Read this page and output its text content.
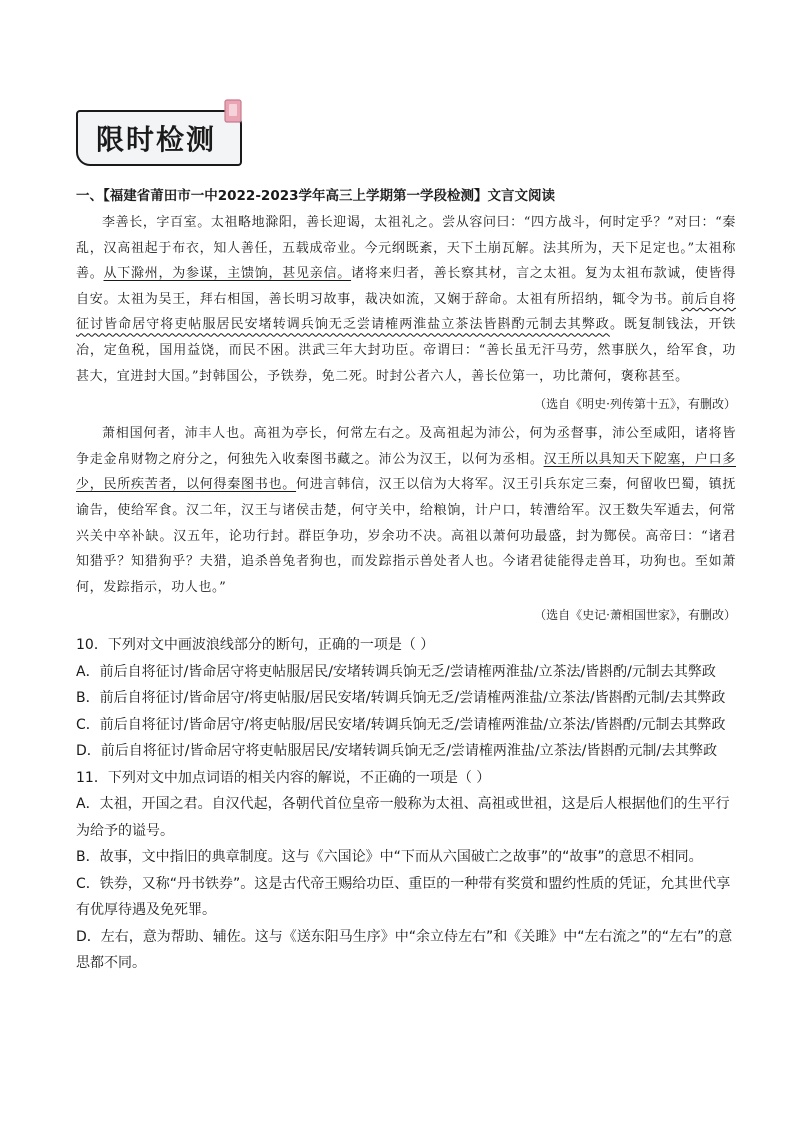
限时检测

一、【福建省莆田市一中2022-2023学年高三上学期第一学段检测】文言文阅读

李善长，字百室。太祖略地滁阳，善长迎谒，太祖礼之。尝从容问曰：“四方战斗，何时定乎？”对曰：“秦乱，汉高祖起于布衣，知人善任，五载成帝业。今元纲既紊，天下土崩瓦解。法其所为，天下足定也。”太祖称善。从下滁州，为参谋，主馈饷，甚见亲信。诸将来归者，善长察其材，言之太祖。复为太祖布款诚，使皆得自安。太祖为吴王，拜右相国，善长明习故事，裁决如流，又娴于辞命。太祖有所招纳，辄令为书。前后自将征讨皆命居守将吏帖服居民安堵转调兵饷无乏尝请榷两淮盐立茶法皆斟酌元制去其弊政。既复制钱法，开铁冶，定鱼税，国用益饶，而民不困。洪武三年大封功臣。帝谓曰：“善长虽无汗马劳，然事朕久，给军食，功甚大，宜进封大国。”封韩国公，予铁券，免二死。时封公者六人，善长位第一，功比萧何，褒称甚至。

（选自《明史·列传第十五》，有删改）

萧相国何者，沛丰人也。高祖为亭长，何常左右之。及高祖起为沛公，何为丞督事，沛公至咸阳，诸将皆争走金帛财物之府分之，何独先入收秦图书藏之。沛公为汉王，以何为丞相。汉王所以具知天下阸塞，户口多少，民所疾苦者，以何得秦图书也。何进言韩信，汉王以信为大将军。汉王引兵东定三秦，何留收巴蜀，镇抚谕告，使给军食。汉二年，汉王与诸侯击楚，何守关中，给粮饷，计户口，转漕给军。汉王数失军遁去，何常兴关中卒补缺。汉五年，论功行封。群臣争功，岁余功不决。高祖以萧何功最盛，封为酂侯。高帝曰：“诸君知猎乎？知猎狗乎？夫猎，追杀兽兔者狗也，而发踪指示兽处者人也。今诸君徒能得走兽耳，功狗也。至如萧何，发踪指示，功人也。”

（选自《史记·萧相国世家》，有删改）

10．下列对文中画波浪线部分的断句，正确的一项是（ ）

A．前后自将征讨/皆命居守将吏帖服居民/安堵转调兵饷无乏/尝请榷两淮盐/立茶法/皆斟酌/元制去其弊政

B．前后自将征讨/皆命居守/将吏帖服/居民安堵/转调兵饷无乏/尝请榷两淮盐/立茶法/皆斟酌元制/去其弊政

C．前后自将征讨/皆命居守/将吏帖服/居民安堵/转调兵饷无乏/尝请榷两淮盐/立茶法/皆斟酌/元制去其弊政

D．前后自将征讨/皆命居守将吏帖服居民/安堵转调兵饷无乏/尝请榷两淮盐/立茶法/皆斟酌元制/去其弊政

11．下列对文中加点词语的相关内容的解说，不正确的一项是（ ）

A．太祖，开国之君。自汉代起，各朝代首位皇帝一般称为太祖、高祖或世祖，这是后人根据他们的生平行为给予的谥号。

B．故事，文中指旧的典章制度。这与《六国论》中“下而从六国破亡之故事”的“故事”的意思不相同。

C．铁券，又称“丹书铁券”。这是古代帝王赐给功臣、重臣的一种带有奖赏和盟约性质的凭证，允其世代享有优厚待遇及免死罪。

D．左右，意为帮助、辅佐。这与《送东阳马生序》中“余立侍左右”和《关雎》中“左右流之”的“左右”的意思都不同。
